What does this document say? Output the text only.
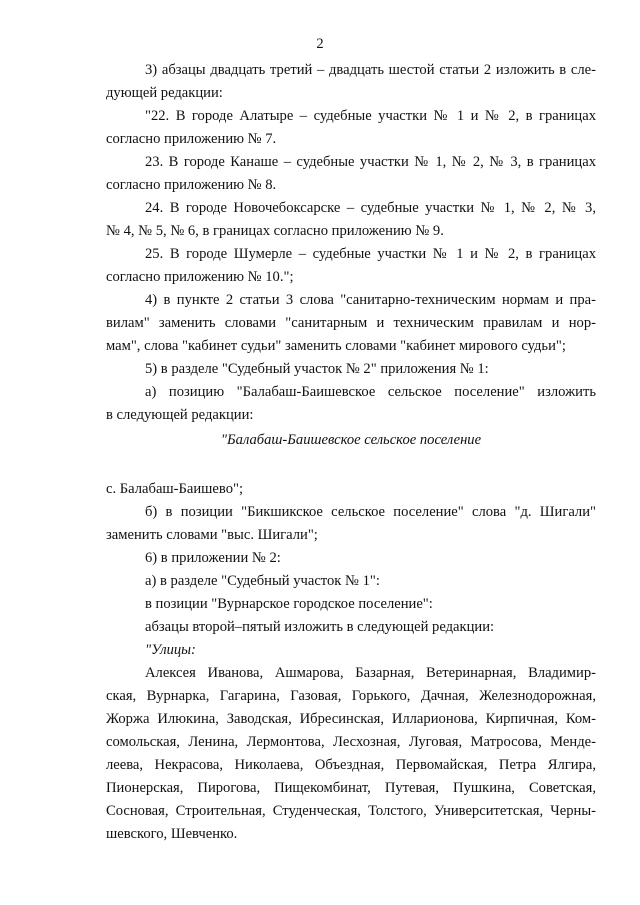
2
3) абзацы двадцать третий – двадцать шестой статьи 2 изложить в сле-
дующей редакции:
"22. В городе Алатыре – судебные участки № 1 и № 2, в границах
согласно приложению № 7.
23. В городе Канаше – судебные участки № 1, № 2, № 3, в границах
согласно приложению № 8.
24. В городе Новочебоксарске – судебные участки № 1, № 2, № 3,
№ 4, № 5, № 6, в границах согласно приложению № 9.
25. В городе Шумерле – судебные участки № 1 и № 2, в границах
согласно приложению № 10.";
4) в пункте 2 статьи 3 слова "санитарно-техническим нормам и пра-
вилам" заменить словами "санитарным и техническим правилам и нор-
мам", слова "кабинет судьи" заменить словами "кабинет мирового судьи";
5) в разделе "Судебный участок № 2" приложения № 1:
а) позицию "Балабаш-Баишевское сельское поселение" изложить
в следующей редакции:
"Балабаш-Баишевское сельское поселение
с. Балабаш-Баишево";
б) в позиции "Бикшикское сельское поселение" слова "д. Шигали"
заменить словами "выс. Шигали";
6) в приложении № 2:
а) в разделе "Судебный участок № 1":
в позиции "Вурнарское городское поселение":
абзацы второй–пятый изложить в следующей редакции:
"Улицы:
Алексея Иванова, Ашмарова, Базарная, Ветеринарная, Владимир-
ская, Вурнарка, Гагарина, Газовая, Горького, Дачная, Железнодорожная,
Жоржа Илюкина, Заводская, Ибресинская, Илларионова, Кирпичная, Ком-
сомольская, Ленина, Лермонтова, Лесхозная, Луговая, Матросова, Менде-
леева, Некрасова, Николаева, Объездная, Первомайская, Петра Ялгира,
Пионерская, Пирогова, Пищекомбинат, Путевая, Пушкина, Советская,
Сосновая, Строительная, Студенческая, Толстого, Университетская, Черны-
шевского, Шевченко.
